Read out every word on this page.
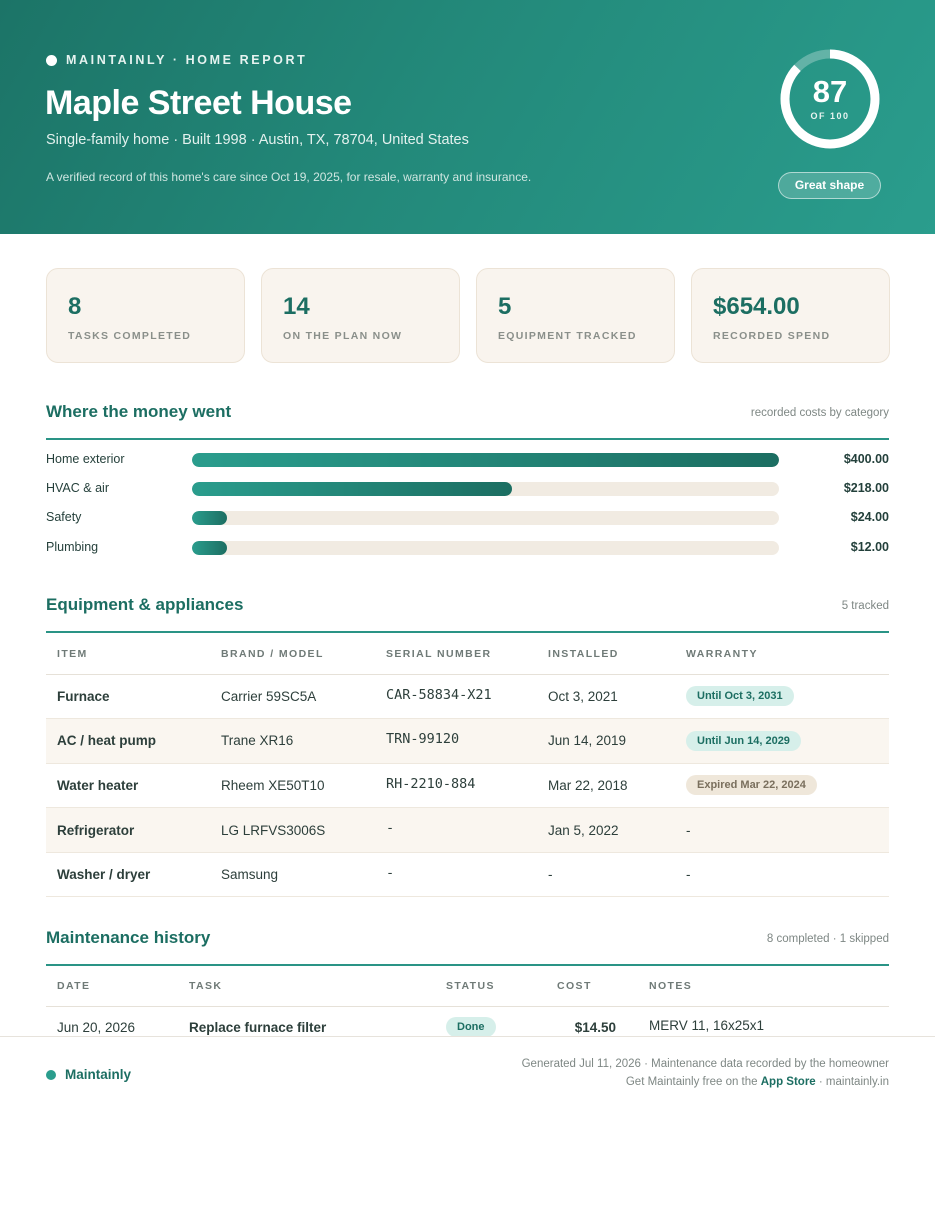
MAINTAINLY · HOME REPORT
Maple Street House
Single-family home · Built 1998 · Austin, TX, 78704, United States
A verified record of this home's care since Oct 19, 2025, for resale, warranty and insurance.
87
OF 100
Great shape
8
TASKS COMPLETED
14
ON THE PLAN NOW
5
EQUIPMENT TRACKED
$654.00
RECORDED SPEND
Where the money went	recorded costs by category
Home exterior	$400.00
HVAC & air	$218.00
Safety	$24.00
Plumbing	$12.00
Equipment & appliances	5 tracked
ITEM	BRAND / MODEL	SERIAL NUMBER	INSTALLED	WARRANTY
Furnace	Carrier 59SC5A	CAR-58834-X21	Oct 3, 2021	Until Oct 3, 2031
AC / heat pump	Trane XR16	TRN-99120	Jun 14, 2019	Until Jun 14, 2029
Water heater	Rheem XE50T10	RH-2210-884	Mar 22, 2018	Expired Mar 22, 2024
Refrigerator	LG LRFVS3006S	-	Jan 5, 2022	-
Washer / dryer	Samsung	-	-	-
Maintenance history	8 completed · 1 skipped
DATE	TASK	STATUS	COST	NOTES
Jun 20, 2026	Replace furnace filter	Done	$14.50	MERV 11, 16x25x1
Maintainly
Generated Jul 11, 2026 · Maintenance data recorded by the homeowner
Get Maintainly free on the App Store · maintainly.in
